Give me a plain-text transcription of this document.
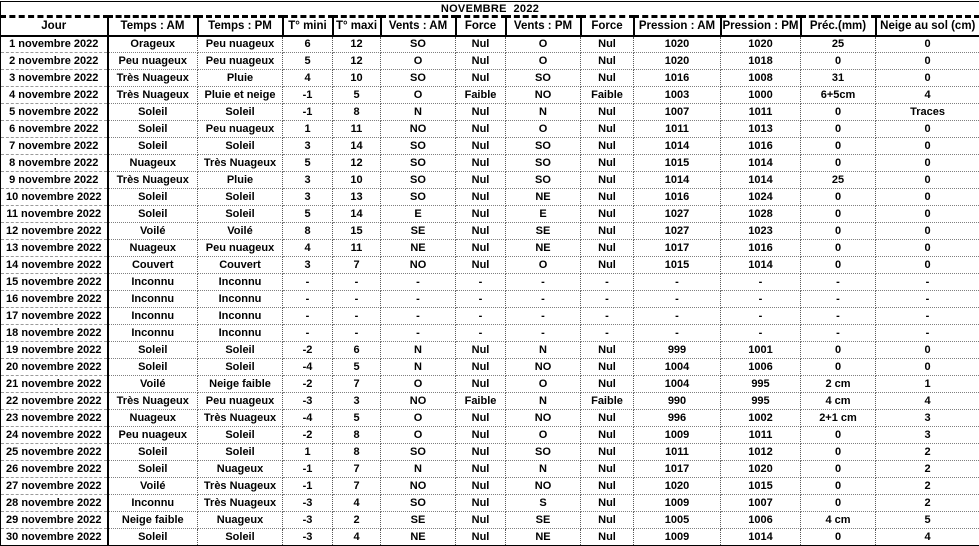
NOVEMBRE  2022												
Jour	Temps : AM	Temps : PM	T° mini	T° maxi	Vents : AM	Force	Vents : PM	Force	Pression : AM	Pression : PM	Préc.(mm)	Neige au sol (cm)
1 novembre 2022	Orageux	Peu nuageux	6	12	SO	Nul	O	Nul	1020	1020	25	0
2 novembre 2022	Peu nuageux	Peu nuageux	5	12	O	Nul	O	Nul	1020	1018	0	0
3 novembre 2022	Très Nuageux	Pluie	4	10	SO	Nul	SO	Nul	1016	1008	31	0
4 novembre 2022	Très Nuageux	Pluie et neige	-1	5	O	Faible	NO	Faible	1003	1000	6+5cm	4
5 novembre 2022	Soleil	Soleil	-1	8	N	Nul	N	Nul	1007	1011	0	Traces
6 novembre 2022	Soleil	Peu nuageux	1	11	NO	Nul	O	Nul	1011	1013	0	0
7 novembre 2022	Soleil	Soleil	3	14	SO	Nul	SO	Nul	1014	1016	0	0
8 novembre 2022	Nuageux	Très Nuageux	5	12	SO	Nul	SO	Nul	1015	1014	0	0
9 novembre 2022	Très Nuageux	Pluie	3	10	SO	Nul	SO	Nul	1014	1014	25	0
10 novembre 2022	Soleil	Soleil	3	13	SO	Nul	NE	Nul	1016	1024	0	0
11 novembre 2022	Soleil	Soleil	5	14	E	Nul	E	Nul	1027	1028	0	0
12 novembre 2022	Voilé	Voilé	8	15	SE	Nul	SE	Nul	1027	1023	0	0
13 novembre 2022	Nuageux	Peu nuageux	4	11	NE	Nul	NE	Nul	1017	1016	0	0
14 novembre 2022	Couvert	Couvert	3	7	NO	Nul	O	Nul	1015	1014	0	0
15 novembre 2022	Inconnu	Inconnu	-	-	-	-	-	-	-	-	-	-
16 novembre 2022	Inconnu	Inconnu	-	-	-	-	-	-	-	-	-	-
17 novembre 2022	Inconnu	Inconnu	-	-	-	-	-	-	-	-	-	-
18 novembre 2022	Inconnu	Inconnu	-	-	-	-	-	-	-	-	-	-
19 novembre 2022	Soleil	Soleil	-2	6	N	Nul	N	Nul	999	1001	0	0
20 novembre 2022	Soleil	Soleil	-4	5	N	Nul	NO	Nul	1004	1006	0	0
21 novembre 2022	Voilé	Neige faible	-2	7	O	Nul	O	Nul	1004	995	2 cm	1
22 novembre 2022	Très Nuageux	Peu nuageux	-3	3	NO	Faible	N	Faible	990	995	4 cm	4
23 novembre 2022	Nuageux	Très Nuageux	-4	5	O	Nul	NO	Nul	996	1002	2+1 cm	3
24 novembre 2022	Peu nuageux	Soleil	-2	8	O	Nul	O	Nul	1009	1011	0	3
25 novembre 2022	Soleil	Soleil	1	8	SO	Nul	SO	Nul	1011	1012	0	2
26 novembre 2022	Soleil	Nuageux	-1	7	N	Nul	N	Nul	1017	1020	0	2
27 novembre 2022	Voilé	Très Nuageux	-1	7	NO	Nul	NO	Nul	1020	1015	0	2
28 novembre 2022	Inconnu	Très Nuageux	-3	4	SO	Nul	S	Nul	1009	1007	0	2
29 novembre 2022	Neige faible	Nuageux	-3	2	SE	Nul	SE	Nul	1005	1006	4 cm	5
30 novembre 2022	Soleil	Soleil	-3	4	NE	Nul	NE	Nul	1009	1014	0	4
